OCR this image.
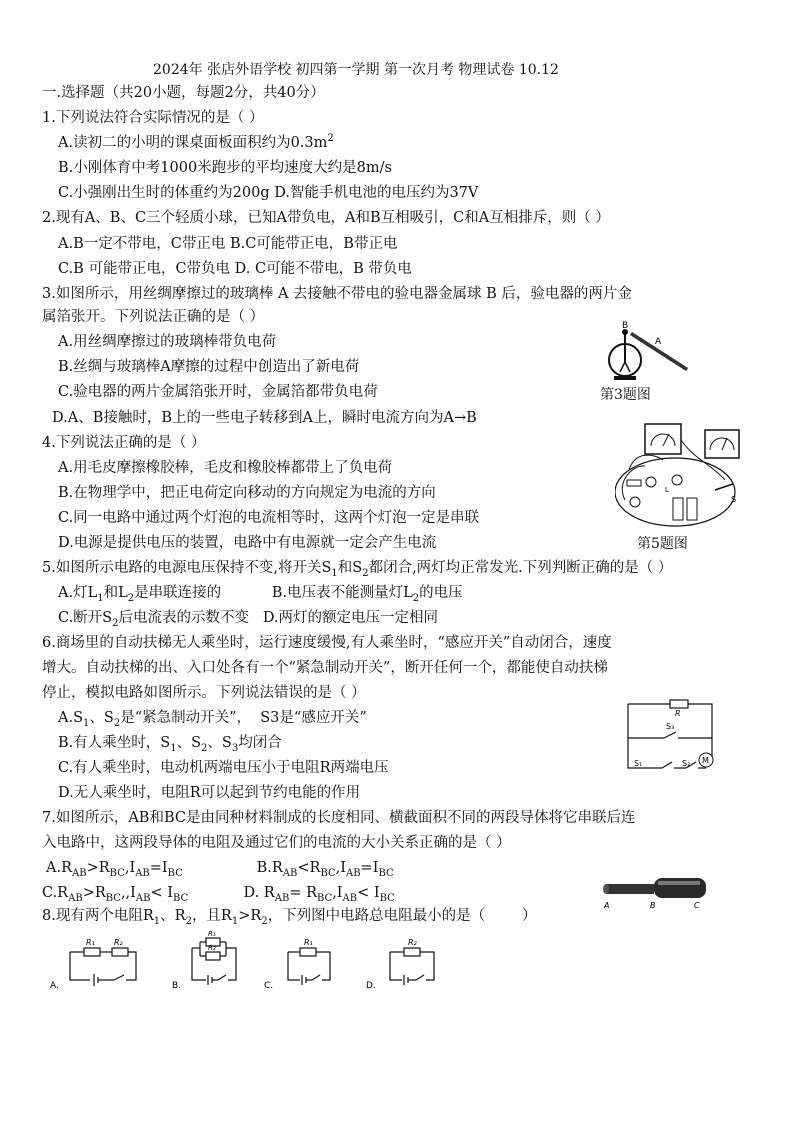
2024年 张店外语学校 初四第一学期 第一次月考 物理试卷 10.12
一.选择题（共20小题，每题2分，共40分）
1.下列说法符合实际情况的是（ ）
A.读初二的小明的课桌面板面积约为$0.3m^2$
B.小刚体育中考1000米跑步的平均速度大约是8m/s
C.小强刚出生时的体重约为200g D.智能手机电池的电压约为37V
2.现有A、B、C三个轻质小球，已知A带负电，A和B互相吸引，C和A互相排斥，则（ ）
A.B一定不带电，C带正电 B.C可能带正电，B带正电
C.B 可能带正电，C带负电 D. C可能不带电，B 带负电
3.如图所示，用丝绸摩擦过的玻璃棒 A 去接触不带电的验电器金属球 B 后，验电器的两片金
属箔张开。下列说法正确的是（ ）
A.用丝绸摩擦过的玻璃棒带负电荷
B.丝绸与玻璃棒A摩擦的过程中创造出了新电荷
C.验电器的两片金属箔张开时，金属箔都带负电荷
D.A、B接触时，B上的一些电子转移到A上，瞬时电流方向为A→B
B
A
第3题图
4.下列说法正确的是（ ）
A.用毛皮摩擦橡胶棒，毛皮和橡胶棒都带上了负电荷
B.在物理学中，把正电荷定向移动的方向规定为电流的方向
C.同一电路中通过两个灯泡的电流相等时，这两个灯泡一定是串联
D.电源是提供电压的装置，电路中有电源就一定会产生电流
S
L
第5题图
5.如图所示电路的电源电压保持不变,将开关$S_1$和$S_2$都闭合,两灯均正常发光.下列判断正确的是（ ）
A.灯$L_1$和$L_2$是串联连接的           B.电压表不能测量灯$L_2$的电压
C.断开$S_2$后电流表的示数不变   D.两灯的额定电压一定相同
6.商场里的自动扶梯无人乘坐时，运行速度缓慢,有人乘坐时，“感应开关”自动闭合，速度
增大。自动扶梯的出、入口处各有一个“紧急制动开关”，断开任何一个，都能使自动扶梯
停止，模拟电路如图所示。下列说法错误的是（ ）
$A.S_1$、$S_2$是“紧急制动开关”，  S3是“感应开关”
B.有人乘坐时，$S_1$、$S_2$、$S_3$均闭合
C.有人乘坐时，电动机两端电压小于电阻R两端电压
D.无人乘坐时，电阻R可以起到节约电能的作用
R
S₃
S₁	S₂ M
7.如图所示，AB和BC是由同种材料制成的长度相同、横截面积不同的两段导体将它串联后连
入电路中，这两段导体的电阻及通过它们的电流的大小关系正确的是（ ）
$A.R_{AB}>R_{BC},I_{AB}=I_{BC}$                $B.R_{AB}<R_{BC},I_{AB}=I_{BC}$
$C.R_{AB}>R_{BC},,I_{AB}< I_{BC}$            D. $R_{AB}= R_{BC},I_{AB}< I_{BC}$
A	B	C
8.现有两个电阻$R_1$、$R_2$，且$R_1>R_2$，下列图中电路总电阻最小的是（        ）
R₁ R₂
A.
R₁
R₂
B.
R₁
C.
R₂
D.
